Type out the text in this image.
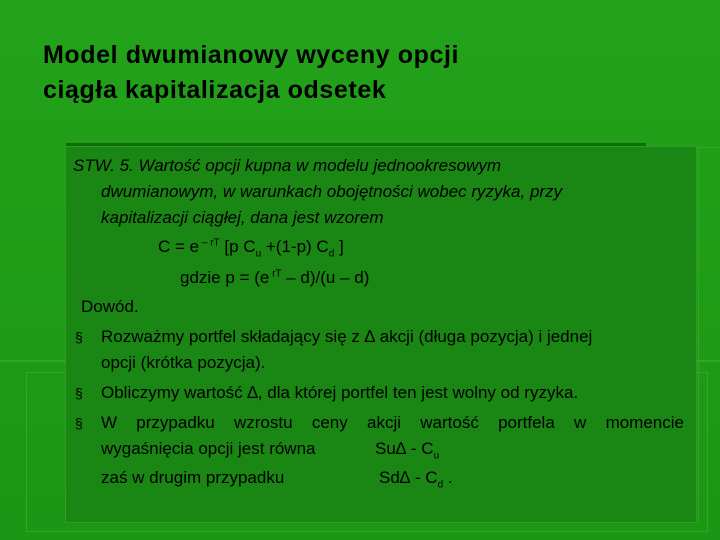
Model dwumianowy wyceny opcji
ciągła kapitalizacja odsetek
STW. 5. Wartość opcji kupna w modelu jednookresowym
dwumianowym, w warunkach obojętności wobec ryzyka, przy
kapitalizacji ciągłej, dana jest wzorem
C = e $^{- rT}$ [p $C_u +(1-p)$ $C_d$ ]
gdzie p = (e $^{rT}$ – d)/(u – d)
Dowód.
§ Rozważmy portfel składający się z ∆ akcji (długa pozycja) i jednej
opcji (krótka pozycja).
§ Obliczymy wartość ∆, dla której portfel ten jest wolny od ryzyka.
§ W przypadku wzrostu ceny akcji wartość portfela w momencie
wygaśnięcia opcji jest równa	$Su\Delta - C_u$
zaś w drugim przypadku	$Sd\Delta - C_d$ .
